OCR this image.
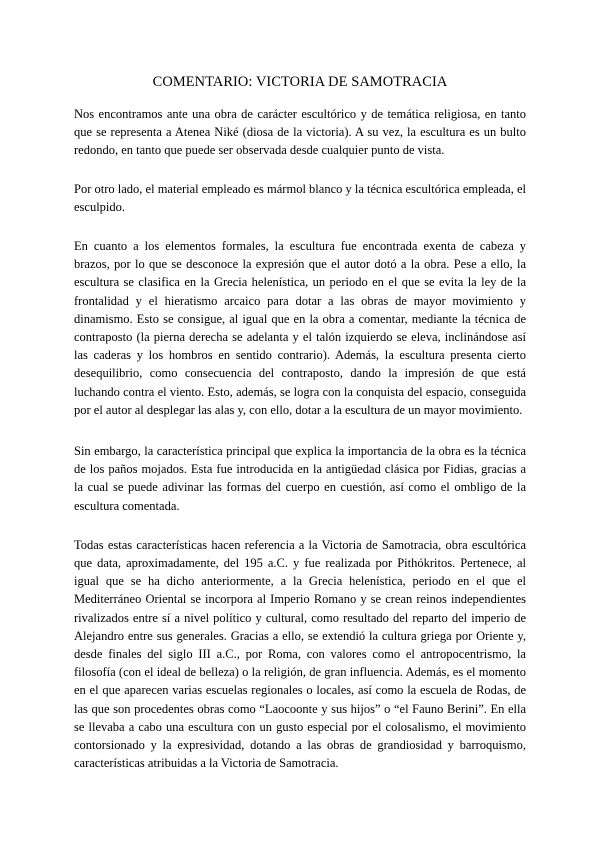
COMENTARIO: VICTORIA DE SAMOTRACIA

Nos encontramos ante una obra de carácter escultórico y de temática religiosa, en tanto que se representa a Atenea Niké (diosa de la victoria). A su vez, la escultura es un bulto redondo, en tanto que puede ser observada desde cualquier punto de vista.

Por otro lado, el material empleado es mármol blanco y la técnica escultórica empleada, el esculpido.

En cuanto a los elementos formales, la escultura fue encontrada exenta de cabeza y brazos, por lo que se desconoce la expresión que el autor dotó a la obra. Pese a ello, la escultura se clasifica en la Grecia helenística, un periodo en el que se evita la ley de la frontalidad y el hieratismo arcaico para dotar a las obras de mayor movimiento y dinamismo. Esto se consigue, al igual que en la obra a comentar, mediante la técnica de contraposto (la pierna derecha se adelanta y el talón izquierdo se eleva, inclinándose así las caderas y los hombros en sentido contrario). Además, la escultura presenta cierto desequilibrio, como consecuencia del contraposto, dando la impresión de que está luchando contra el viento. Esto, además, se logra con la conquista del espacio, conseguida por el autor al desplegar las alas y, con ello, dotar a la escultura de un mayor movimiento.

Sin embargo, la característica principal que explica la importancia de la obra es la técnica de los paños mojados. Esta fue introducida en la antigüedad clásica por Fidias, gracias a la cual se puede adivinar las formas del cuerpo en cuestión, así como el ombligo de la escultura comentada.

Todas estas características hacen referencia a la Victoria de Samotracia, obra escultórica que data, aproximadamente, del 195 a.C. y fue realizada por Pithókritos. Pertenece, al igual que se ha dicho anteriormente, a la Grecia helenística, periodo en el que el Mediterráneo Oriental se incorpora al Imperio Romano y se crean reinos independientes rivalizados entre sí a nivel político y cultural, como resultado del reparto del imperio de Alejandro entre sus generales. Gracias a ello, se extendió la cultura griega por Oriente y, desde finales del siglo III a.C., por Roma, con valores como el antropocentrismo, la filosofía (con el ideal de belleza) o la religión, de gran influencia. Además, es el momento en el que aparecen varias escuelas regionales o locales, así como la escuela de Rodas, de las que son procedentes obras como “Laocoonte y sus hijos” o “el Fauno Berini”. En ella se llevaba a cabo una escultura con un gusto especial por el colosalismo, el movimiento contorsionado y la expresividad, dotando a las obras de grandiosidad y barroquismo, características atribuidas a la Victoria de Samotracia.
